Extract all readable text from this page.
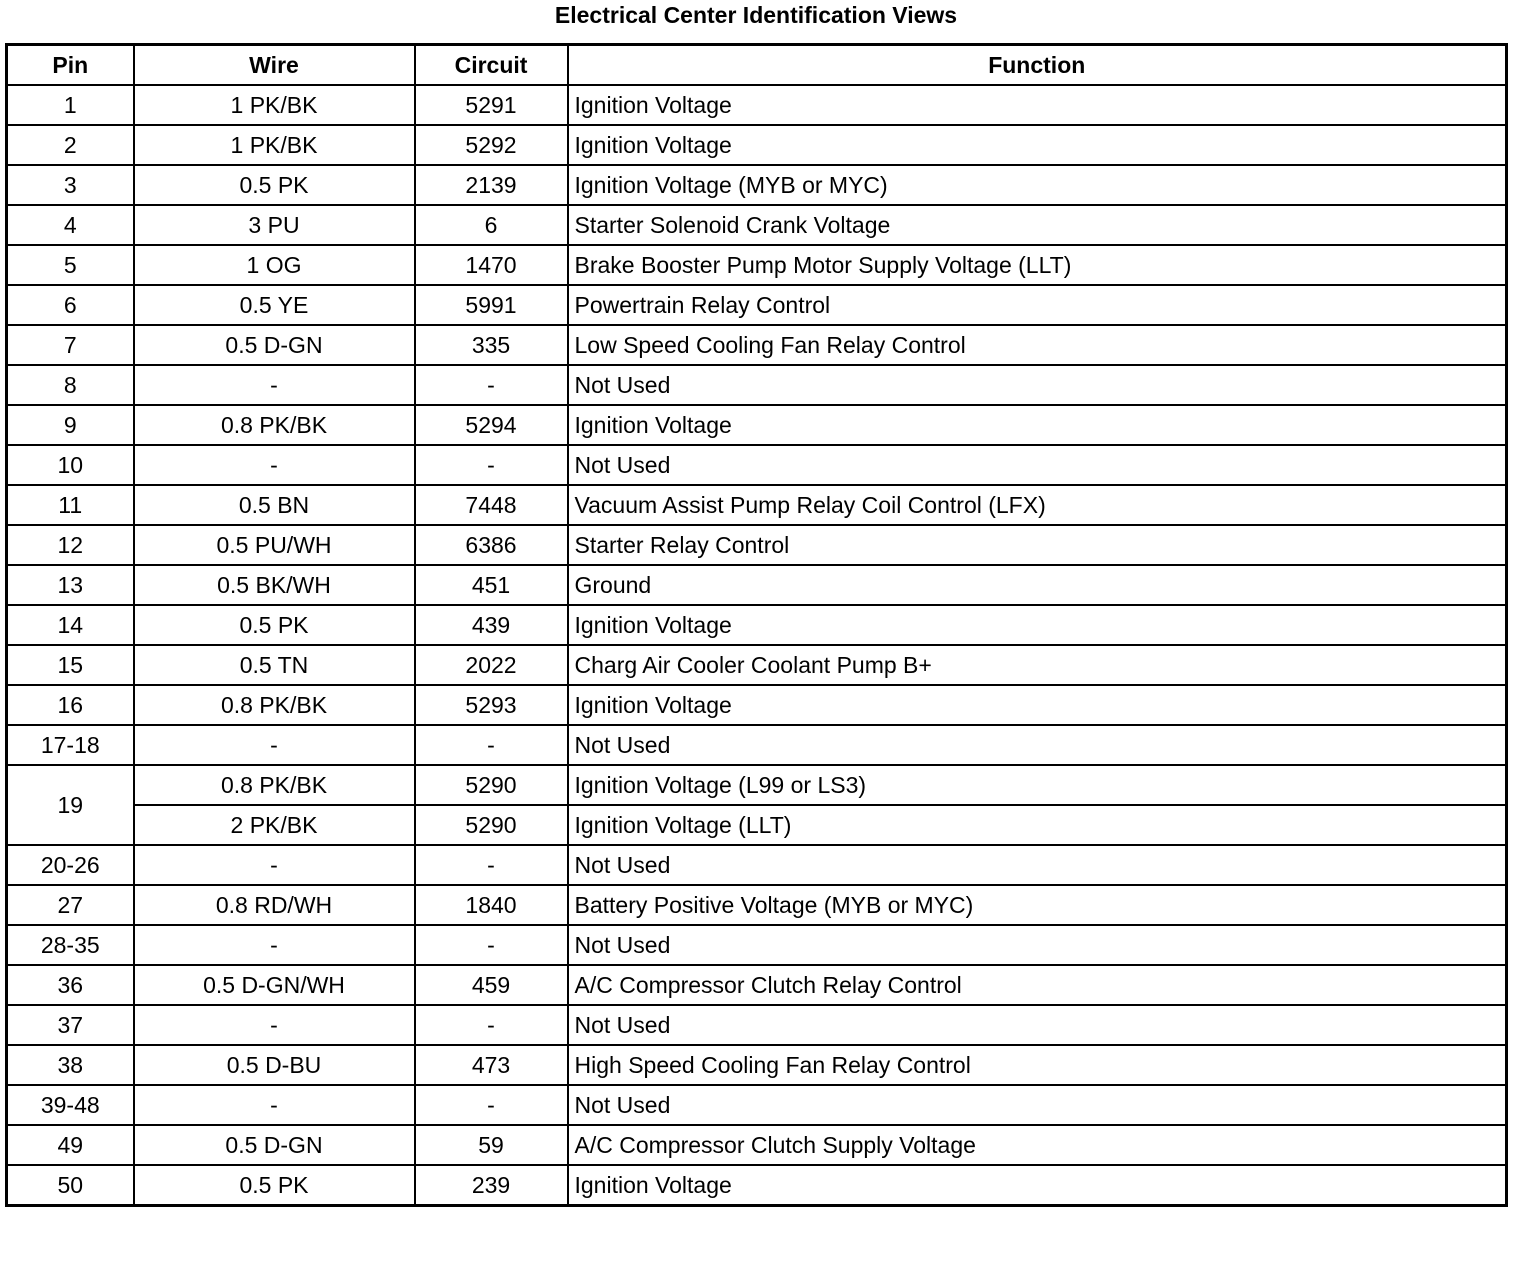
Electrical Center Identification Views
Pin	Wire	Circuit	Function
1	1 PK/BK	5291	Ignition Voltage
2	1 PK/BK	5292	Ignition Voltage
3	0.5 PK	2139	Ignition Voltage (MYB or MYC)
4	3 PU	6	Starter Solenoid Crank Voltage
5	1 OG	1470	Brake Booster Pump Motor Supply Voltage (LLT)
6	0.5 YE	5991	Powertrain Relay Control
7	0.5 D-GN	335	Low Speed Cooling Fan Relay Control
8	-	-	Not Used
9	0.8 PK/BK	5294	Ignition Voltage
10	-	-	Not Used
11	0.5 BN	7448	Vacuum Assist Pump Relay Coil Control (LFX)
12	0.5 PU/WH	6386	Starter Relay Control
13	0.5 BK/WH	451	Ground
14	0.5 PK	439	Ignition Voltage
15	0.5 TN	2022	Charg Air Cooler Coolant Pump B+
16	0.8 PK/BK	5293	Ignition Voltage
17-18	-	-	Not Used
19	0.8 PK/BK	5290	Ignition Voltage (L99 or LS3)
	2 PK/BK	5290	Ignition Voltage (LLT)
20-26	-	-	Not Used
27	0.8 RD/WH	1840	Battery Positive Voltage (MYB or MYC)
28-35	-	-	Not Used
36	0.5 D-GN/WH	459	A/C Compressor Clutch Relay Control
37	-	-	Not Used
38	0.5 D-BU	473	High Speed Cooling Fan Relay Control
39-48	-	-	Not Used
49	0.5 D-GN	59	A/C Compressor Clutch Supply Voltage
50	0.5 PK	239	Ignition Voltage
